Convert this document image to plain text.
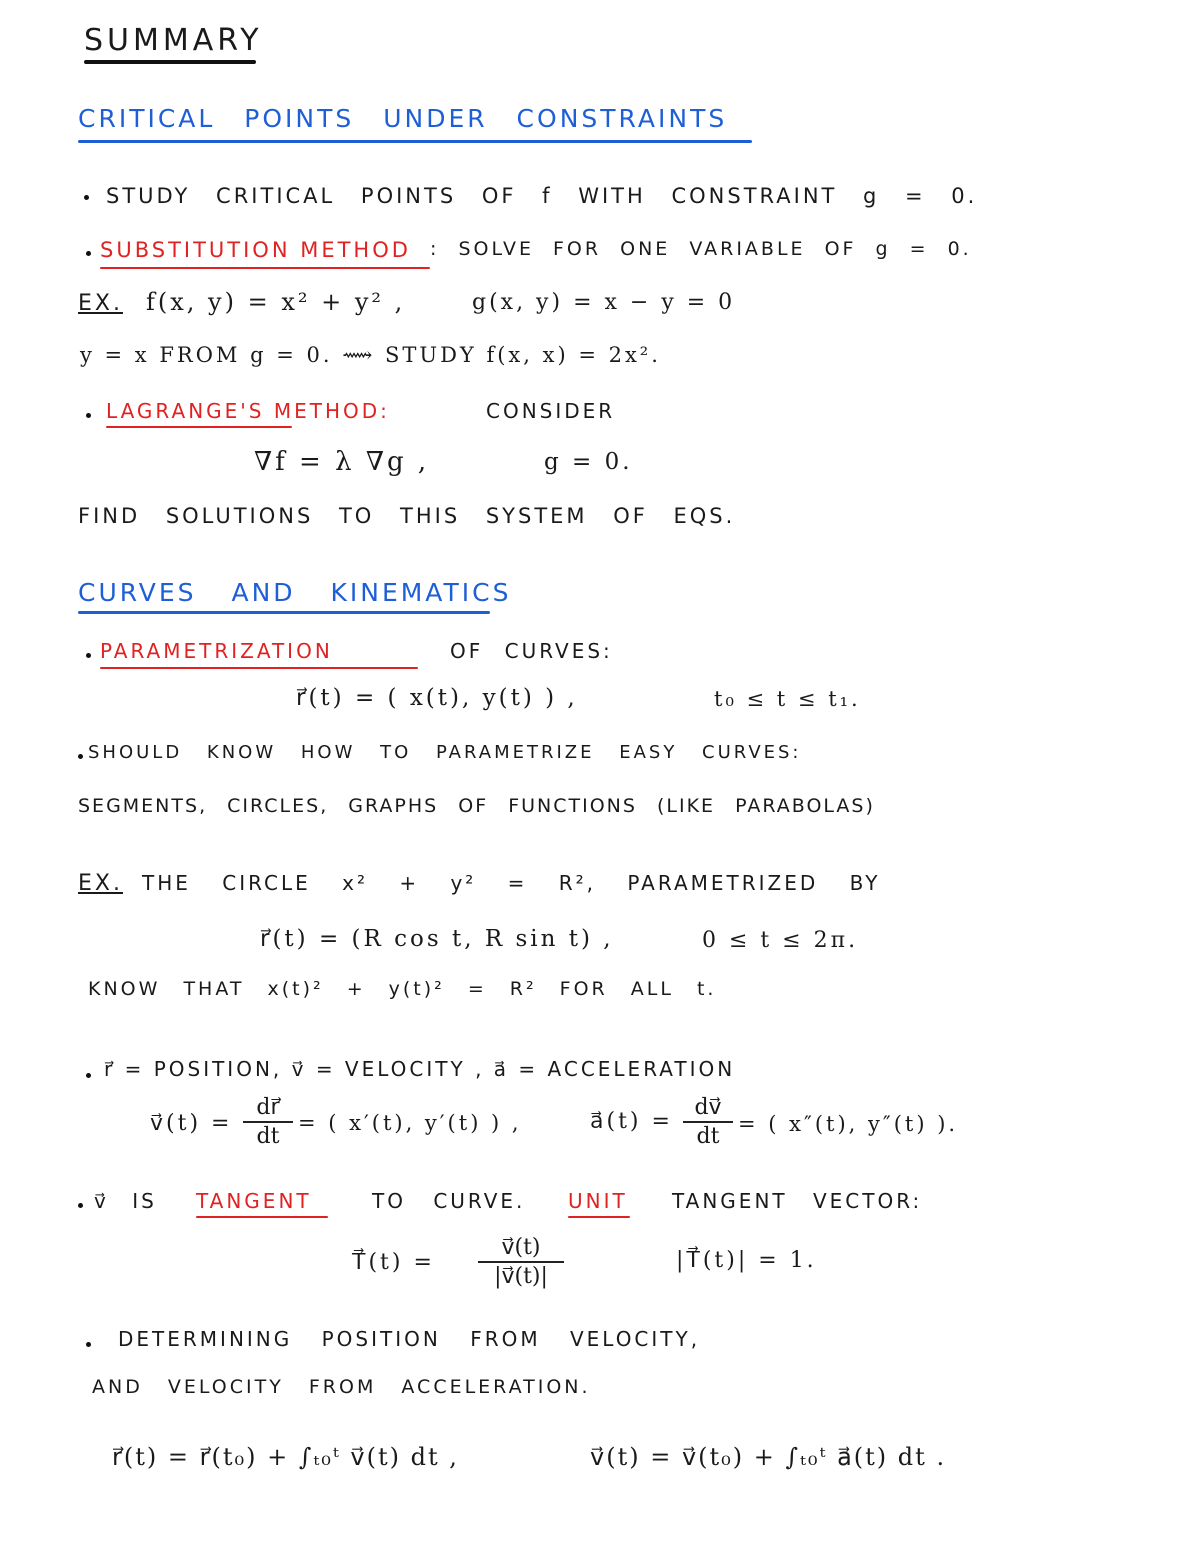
SUMMARY
CRITICAL POINTS UNDER CONSTRAINTS
STUDY CRITICAL POINTS OF f WITH CONSTRAINT g = 0.
SUBSTITUTION METHOD : SOLVE FOR ONE VARIABLE OF g = 0.
EX. f(x, y) = x² + y² ,	g(x, y) = x − y = 0
y = x FROM g = 0. ⟿ STUDY f(x, x) = 2x².
LAGRANGE'S METHOD:	CONSIDER
∇f = λ ∇g ,	g = 0.
FIND SOLUTIONS TO THIS SYSTEM OF EQS.
CURVES AND KINEMATICS
PARAMETRIZATION	OF CURVES:
r⃗(t) = ( x(t), y(t) ) ,	t₀ ≤ t ≤ t₁.
SHOULD KNOW HOW TO PARAMETRIZE EASY CURVES:
SEGMENTS, CIRCLES, GRAPHS OF FUNCTIONS (LIKE PARABOLAS)
EX. THE CIRCLE x² + y² = R², PARAMETRIZED BY
r⃗(t) = (R cos t, R sin t) ,	0 ≤ t ≤ 2π.
KNOW THAT x(t)² + y(t)² = R² FOR ALL t.
r⃗ = POSITION, v⃗ = VELOCITY , a⃗ = ACCELERATION
v⃗(t) =
dr⃗
dt
= ( x′(t), y′(t) ) ,	a⃗(t) =
dv⃗
dt = ( x″(t), y″(t) ).
v⃗ IS TANGENT	TO CURVE. UNIT TANGENT VECTOR:
T⃗(t) =
v⃗(t)
|v⃗(t)|
|T⃗(t)| = 1.
DETERMINING POSITION FROM VELOCITY,
AND VELOCITY FROM ACCELERATION.
r⃗(t) = r⃗(t₀) + ∫ₜ₀ᵗ v⃗(t) dt ,	v⃗(t) = v⃗(t₀) + ∫ₜ₀ᵗ a⃗(t) dt .
